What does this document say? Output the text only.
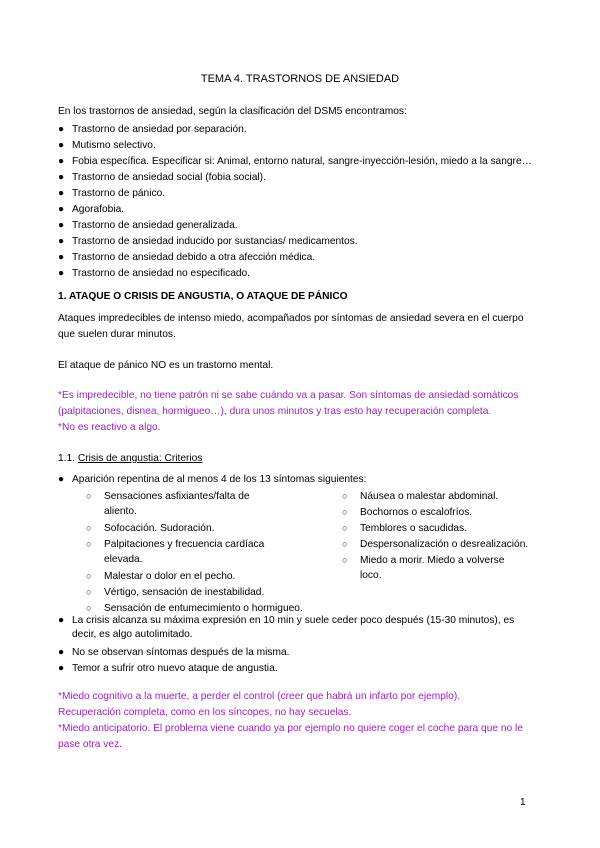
TEMA 4. TRASTORNOS DE ANSIEDAD
En los trastornos de ansiedad, según la clasificación del DSM5 encontramos:
● Trastorno de ansiedad por separación.
● Mutismo selectivo.
● Fobia específica. Especificar si: Animal, entorno natural, sangre-inyección-lesión, miedo a la sangre…
● Trastorno de ansiedad social (fobia social).
● Trastorno de pánico.
● Agorafobia.
● Trastorno de ansiedad generalizada.
● Trastorno de ansiedad inducido por sustancias/ medicamentos.
● Trastorno de ansiedad debido a otra afección médica.
● Trastorno de ansiedad no especificado.
1. ATAQUE O CRISIS DE ANGUSTIA, O ATAQUE DE PÁNICO
Ataques impredecibles de intenso miedo, acompañados por síntomas de ansiedad severa en el cuerpo
que suelen durar minutos.
El ataque de pánico NO es un trastorno mental.
*Es impredecible, no tiene patrón ni se sabe cuándo va a pasar. Son síntomas de ansiedad somáticos
(palpitaciones, disnea, hormigueo…), dura unos minutos y tras esto hay recuperación completa.
*No es reactivo a algo.
1.1. Crisis de angustia: Criterios
● Aparición repentina de al menos 4 de los 13 síntomas siguientes:
○ Sensaciones asfixiantes/falta de
aliento.
○ Sofocación. Sudoración.
○ Palpitaciones y frecuencia cardíaca
elevada.
○ Malestar o dolor en el pecho.
○ Vértigo, sensación de inestabilidad.
○ Sensación de entumecimiento o hormigueo.
○ Náusea o malestar abdominal.
○ Bochornos o escalofríos.
○ Temblores o sacudidas.
○ Despersonalización o desrealización.
○ Miedo a morir. Miedo a volverse
loco.
● La crisis alcanza su máxima expresión en 10 min y suele ceder poco después (15-30 minutos), es
decir, es algo autolimitado.
● No se observan síntomas después de la misma.
● Temor a sufrir otro nuevo ataque de angustia.
*Miedo cognitivo a la muerte, a perder el control (creer que habrá un infarto por ejemplo).
Recuperación completa, como en los síncopes, no hay secuelas.
*Miedo anticipatorio. El problema viene cuando ya por ejemplo no quiere coger el coche para que no le
pase otra vez.
1
